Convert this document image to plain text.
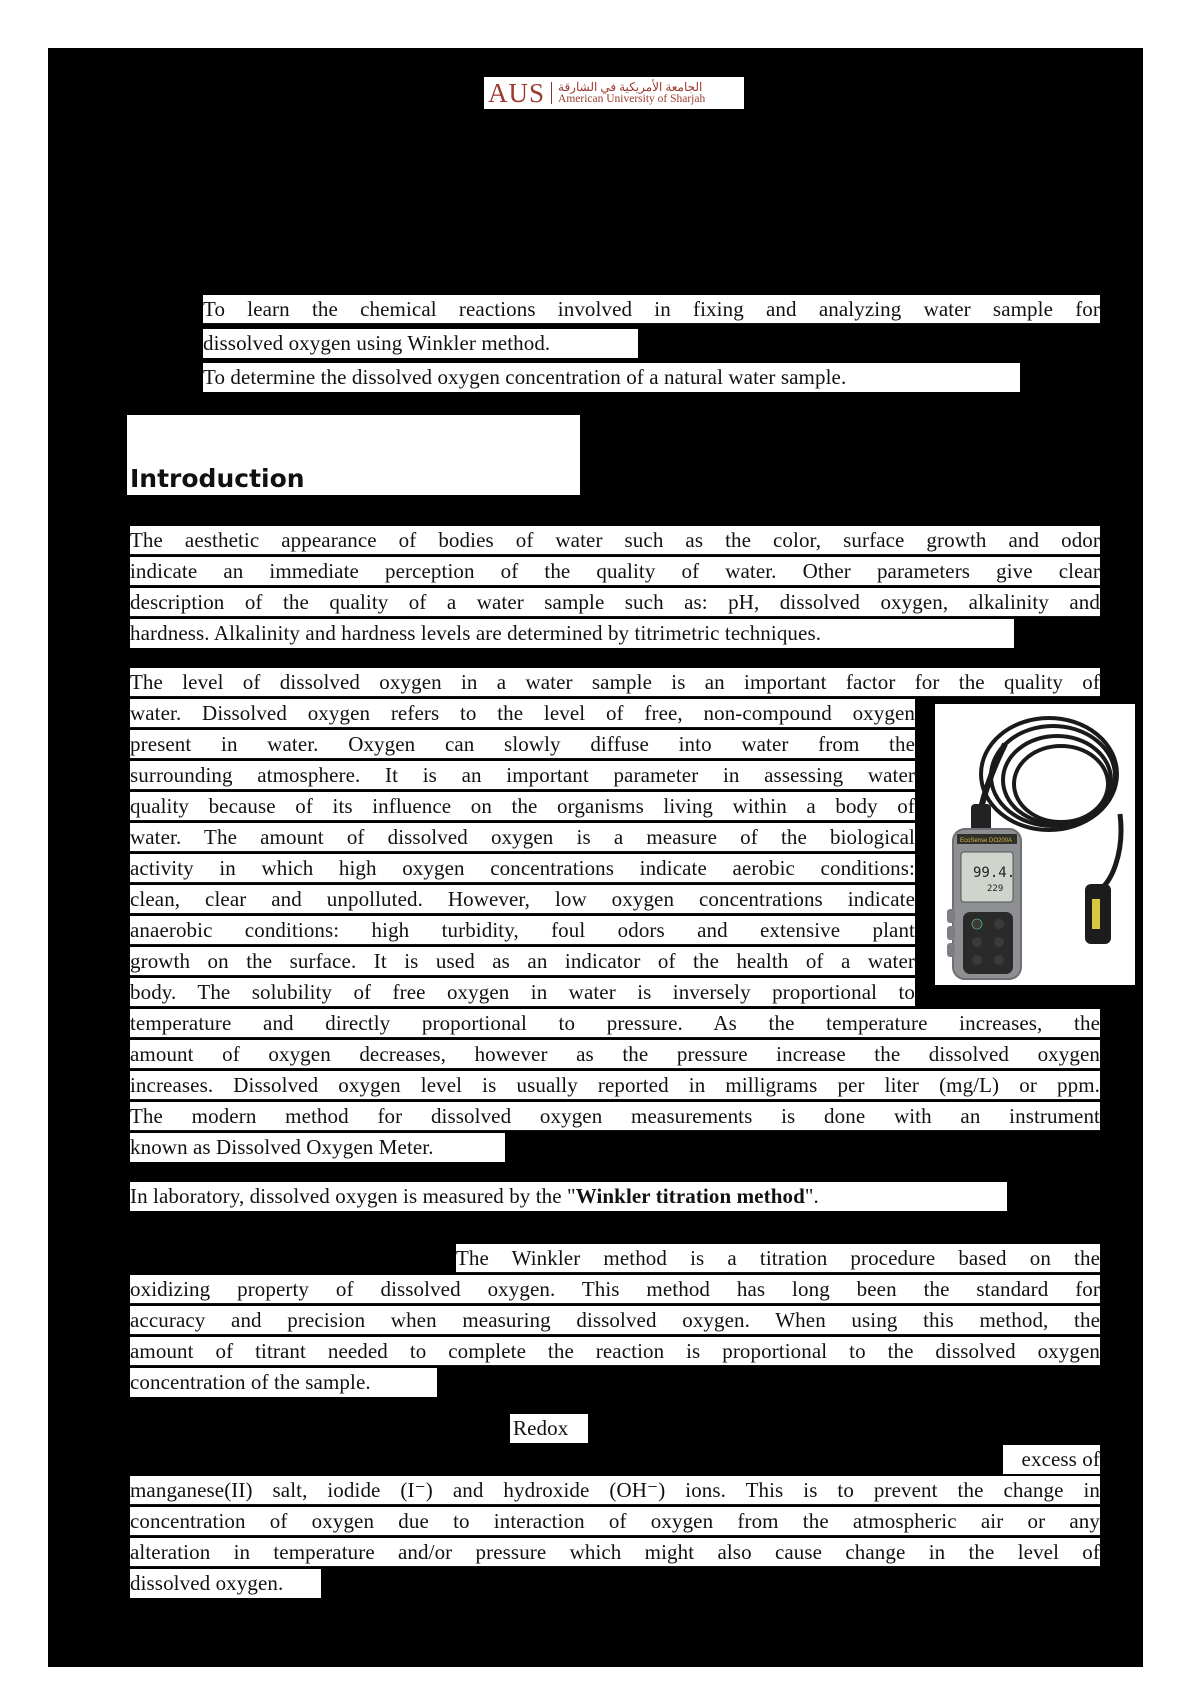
AUS الجامعة الأمريكية في الشارقة
American University of Sharjah
To learn the chemical reactions involved in fixing and analyzing water sample for
dissolved oxygen using Winkler method.
To determine the dissolved oxygen concentration of a natural water sample.
Introduction
The aesthetic appearance of bodies of water such as the color, surface growth and odor
indicate an immediate perception of the quality of water. Other parameters give clear
description of the quality of a water sample such as: pH, dissolved oxygen, alkalinity and
hardness. Alkalinity and hardness levels are determined by titrimetric techniques.
The level of dissolved oxygen in a water sample is an important factor for the quality of
water. Dissolved oxygen refers to the level of free, non-compound oxygen
present in water. Oxygen can slowly diffuse into water from the
surrounding atmosphere. It is an important parameter in assessing water
quality because of its influence on the organisms living within a body of
water. The amount of dissolved oxygen is a measure of the biological
activity in which high oxygen concentrations indicate aerobic conditions:
clean, clear and unpolluted. However, low oxygen concentrations indicate
anaerobic conditions: high turbidity, foul odors and extensive plant
growth on the surface. It is used as an indicator of the health of a water
body. The solubility of free oxygen in water is inversely proportional to
temperature and directly proportional to pressure. As the temperature increases, the
amount of oxygen decreases, however as the pressure increase the dissolved oxygen
increases. Dissolved oxygen level is usually reported in milligrams per liter (mg/L) or ppm.
The modern method for dissolved oxygen measurements is done with an instrument
known as Dissolved Oxygen Meter.
EcoSense DO200A
99.4.
229
In laboratory, dissolved oxygen is measured by the "Winkler titration method".
The Winkler method is a titration procedure based on the
oxidizing property of dissolved oxygen. This method has long been the standard for
accuracy and precision when measuring dissolved oxygen. When using this method, the
amount of titrant needed to complete the reaction is proportional to the dissolved oxygen
concentration of the sample.
Redox
excess of
manganese(II) salt, iodide (I⁻) and hydroxide (OH⁻) ions. This is to prevent the change in
concentration of oxygen due to interaction of oxygen from the atmospheric air or any
alteration in temperature and/or pressure which might also cause change in the level of
dissolved oxygen.
